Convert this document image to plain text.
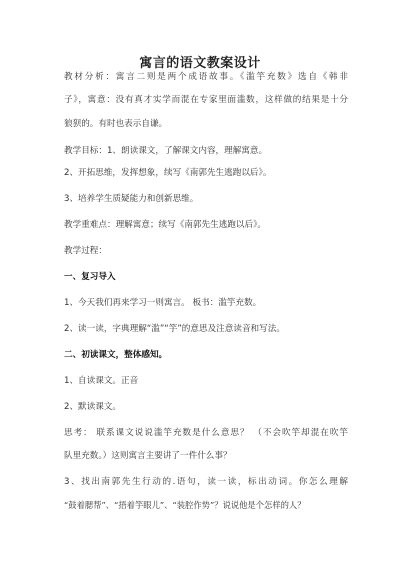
寓言的语文教案设计
教材分析：寓言二则是两个成语故事。《滥竽充数》选自《韩非
子》，寓意：没有真才实学而混在专家里面滥数，这样做的结果是十分
狼狈的。有时也表示自谦。
教学目标：1、朗读课文，了解课文内容，理解寓意。
2、开拓思维，发挥想象，续写《南郭先生逃跑以后》。
3、培养学生质疑能力和创新思维。
教学重难点：理解寓意；续写《南郭先生逃跑以后》。
教学过程：
一、复习导入
1、今天我们再来学习一则寓言。 板书：滥竽充数。
2、读一读，字典理解“滥”“竽”的意思及注意读音和写法。
二、初读课文，整体感知。
1、自读课文。正音
2、默读课文。
思考： 联系课文说说滥竽充数是什么意思？ （不会吹竽却混在吹竽
队里充数。）这则寓言主要讲了一件什么事？
3、找出南郭先生行动的.语句，读一读，标出动词。你怎么理解
“鼓着腮帮”、“捂着竽眼儿”、“装腔作势”？说说他是个怎样的人？
